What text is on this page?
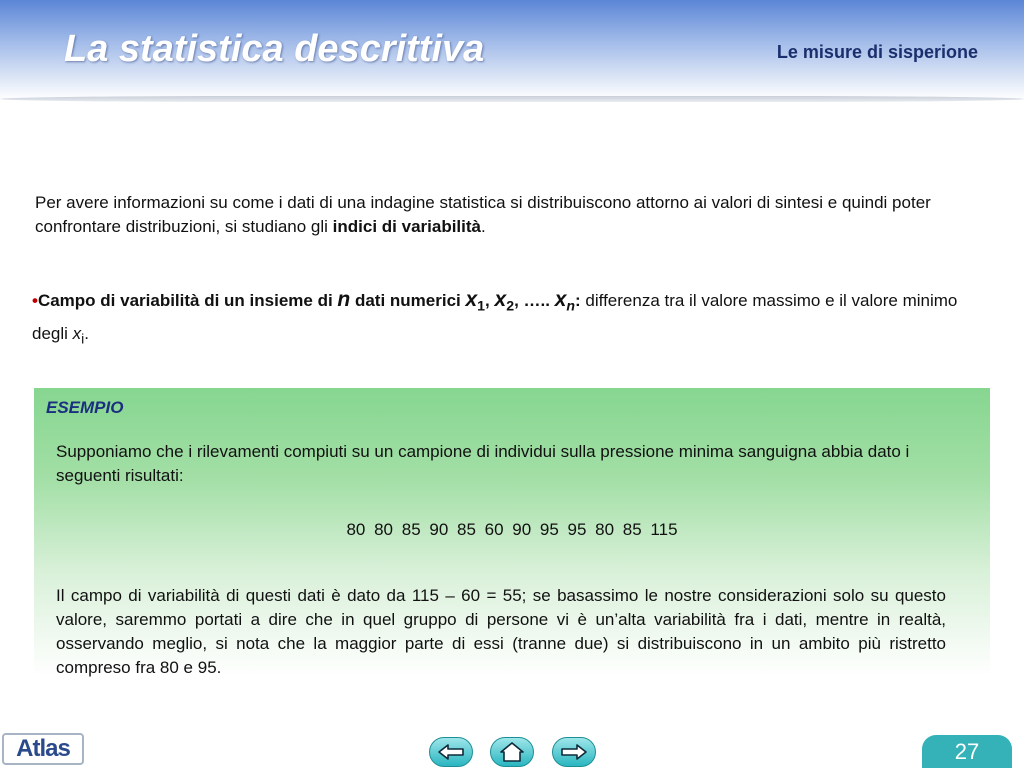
La statistica descrittiva	Le misure di sisperione

Per avere informazioni su come i dati di una indagine statistica si distribuiscono attorno ai valori di sintesi e quindi poter confrontare distribuzioni, si studiano gli indici di variabilità.

•Campo di variabilità di un insieme di n dati numerici $x_1$, $x_2$, ….. $x_n$: differenza tra il valore massimo e il valore minimo degli $x_i$.
ESEMPIO
Supponiamo che i rilevamenti compiuti su un campione di individui sulla pressione minima sanguigna abbia dato i seguenti risultati:
80 80 85 90 85 60 90 95 95 80 85 115
Il campo di variabilità di questi dati è dato da 115 – 60 = 55; se basassimo le nostre considerazioni solo su questo valore, saremmo portati a dire che in quel gruppo di persone vi è un’alta variabilità fra i dati, mentre in realtà, osservando meglio, si nota che la maggior parte di essi (tranne due) si distribuiscono in un ambito più ristretto compreso fra 80 e 95.
Atlas	27
